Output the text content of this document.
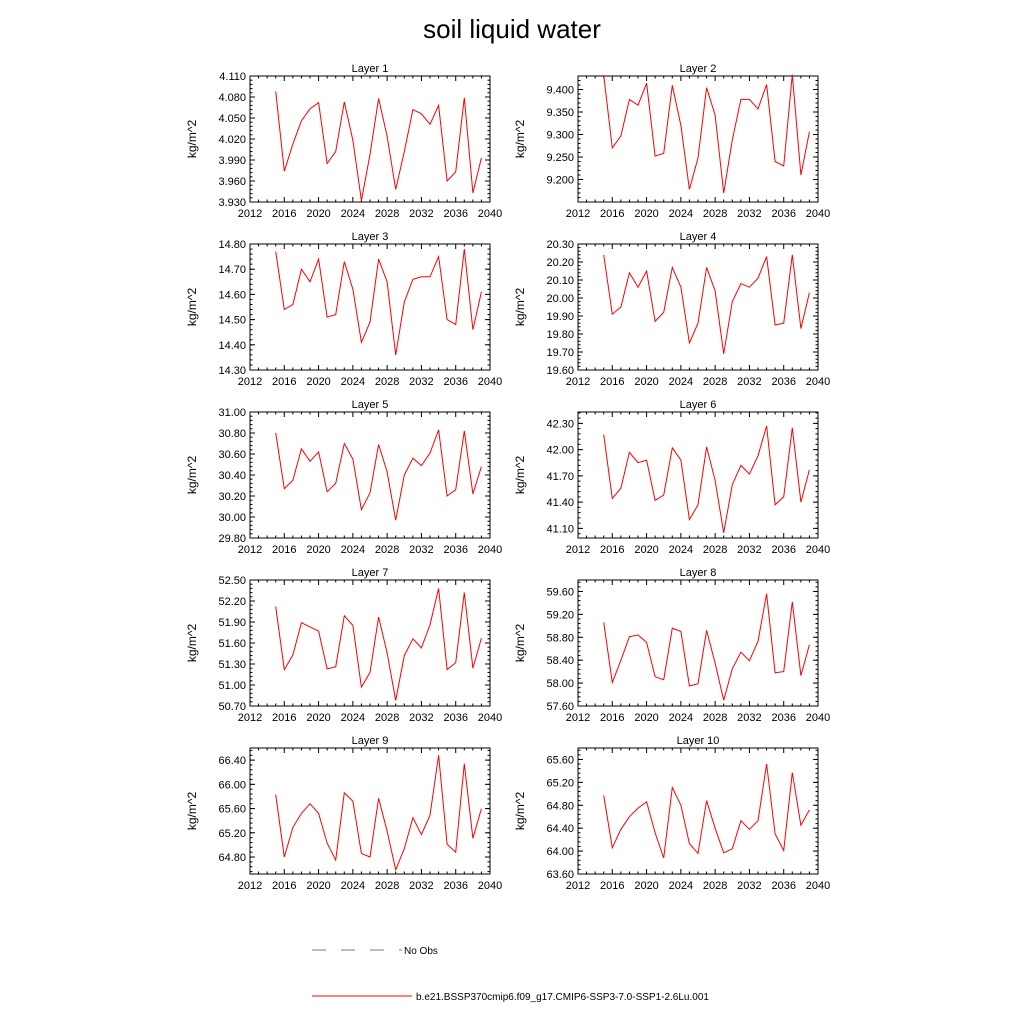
soil liquid water
Layer 1
2012 2016 2020 2024 2028 2032 2036 2040
3.930
3.960
3.990
4.020
4.050
4.080
4.110
kg/m^2
Layer 2
2012 2016 2020 2024 2028 2032 2036 2040
9.200
9.250
9.300
9.350
9.400
kg/m^2
Layer 3
2012 2016 2020 2024 2028 2032 2036 2040
14.30
14.40
14.50
14.60
14.70
14.80
kg/m^2
Layer 4
2012 2016 2020 2024 2028 2032 2036 2040
19.60
19.70
19.80
19.90
20.00
20.10
20.20
20.30
kg/m^2
Layer 5
2012 2016 2020 2024 2028 2032 2036 2040
29.80
30.00
30.20
30.40
30.60
30.80
31.00
kg/m^2
Layer 6
2012 2016 2020 2024 2028 2032 2036 2040
41.10
41.40
41.70
42.00
42.30
kg/m^2
Layer 7
2012 2016 2020 2024 2028 2032 2036 2040
50.70
51.00
51.30
51.60
51.90
52.20
52.50
kg/m^2
Layer 8
2012 2016 2020 2024 2028 2032 2036 2040
57.60
58.00
58.40
58.80
59.20
59.60
kg/m^2
Layer 9
2012 2016 2020 2024 2028 2032 2036 2040
64.80
65.20
65.60
66.00
66.40
kg/m^2
Layer 10
2012 2016 2020 2024 2028 2032 2036 2040
63.60
64.00
64.40
64.80
65.20
65.60
kg/m^2
No Obs
b.e21.BSSP370cmip6.f09_g17.CMIP6-SSP3-7.0-SSP1-2.6Lu.001
